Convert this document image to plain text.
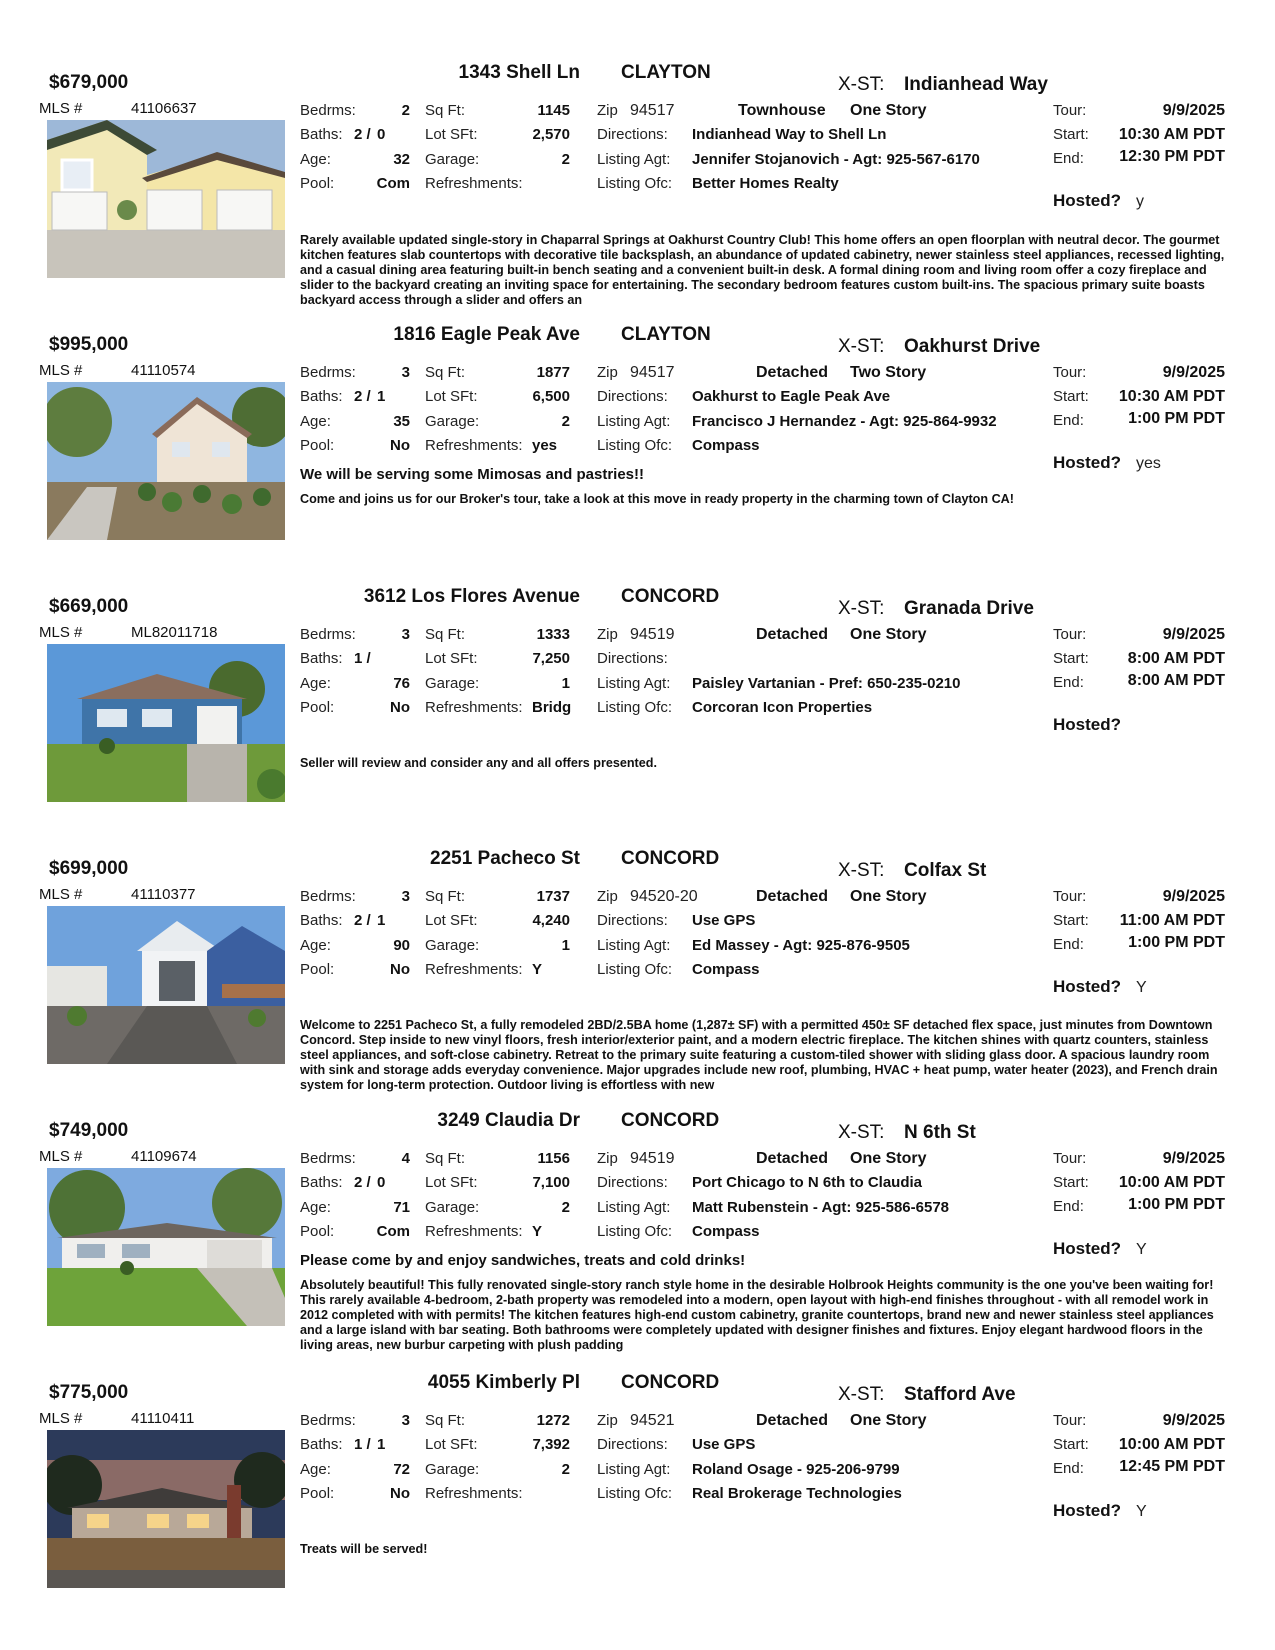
$679,000	1343 Shell Ln CLAYTON
X-ST: Indianhead Way
MLS #	41106637	Bedrms:	2
Baths: 2 / 0
Age:	32
Pool:	Com
Sq Ft:	1145
Lot SFt:	2,570
Garage:	2
Refreshments:
Zip 94517	Townhouse One Story
Directions: Indianhead Way to Shell Ln
Listing Agt: Jennifer Stojanovich - Agt: 925-567-6170
Listing Ofc: Better Homes Realty
Tour:	9/9/2025
Start:	10:30 AM PDT
End:	12:30 PM PDT
Hosted? y
Rarely available updated single-story in Chaparral Springs at Oakhurst Country Club! This home offers an open floorplan with neutral decor. The gourmet kitchen features slab countertops with decorative tile backsplash, an abundance of updated cabinetry, newer stainless steel appliances, recessed lighting, and a casual dining area featuring built-in bench seating and a convenient built-in desk. A formal dining room and living room offer a cozy fireplace and slider to the backyard creating an inviting space for entertaining. The secondary bedroom features custom built-ins. The spacious primary suite boasts backyard access through a slider and offers an
$995,000	1816 Eagle Peak Ave CLAYTON
X-ST: Oakhurst Drive
MLS #	41110574	Bedrms:	3
Baths: 2 / 1
Age:	35
Pool:	No
Sq Ft:	1877
Lot SFt:	6,500
Garage:	2
Refreshments: yes
Zip 94517	Detached Two Story
Directions: Oakhurst to Eagle Peak Ave
Listing Agt: Francisco J Hernandez - Agt: 925-864-9932
Listing Ofc: Compass
Tour:	9/9/2025
Start:	10:30 AM PDT
End:	1:00 PM PDT
Hosted? yes
We will be serving some Mimosas and pastries!!
Come and joins us for our Broker's tour, take a look at this move in ready property in the charming town of Clayton CA!
$669,000	3612 Los Flores Avenue CONCORD
X-ST: Granada Drive
MLS #	ML82011718	Bedrms:	3
Baths: 1 /
Age:	76
Pool:	No
Sq Ft:	1333
Lot SFt:	7,250
Garage:	1
Refreshments: Bridg
Zip 94519	Detached One Story
Directions:
Listing Agt: Paisley Vartanian - Pref: 650-235-0210
Listing Ofc: Corcoran Icon Properties
Tour:	9/9/2025
Start:	8:00 AM PDT
End:	8:00 AM PDT
Hosted?
Seller will review and consider any and all offers presented.
$699,000	2251 Pacheco St CONCORD
X-ST: Colfax St
MLS #	41110377	Bedrms:	3
Baths: 2 / 1
Age:	90
Pool:	No
Sq Ft:	1737
Lot SFt:	4,240
Garage:	1
Refreshments: Y
Zip 94520-20	Detached One Story
Directions: Use GPS
Listing Agt: Ed Massey - Agt: 925-876-9505
Listing Ofc: Compass
Tour:	9/9/2025
Start:	11:00 AM PDT
End:	1:00 PM PDT
Hosted? Y
Welcome to 2251 Pacheco St, a fully remodeled 2BD/2.5BA home (1,287± SF) with a permitted 450± SF detached flex space, just minutes from Downtown Concord. Step inside to new vinyl floors, fresh interior/exterior paint, and a modern electric fireplace. The kitchen shines with quartz counters, stainless steel appliances, and soft-close cabinetry. Retreat to the primary suite featuring a custom-tiled shower with sliding glass door. A spacious laundry room with sink and storage adds everyday convenience. Major upgrades include new roof, plumbing, HVAC + heat pump, water heater (2023), and French drain system for long-term protection. Outdoor living is effortless with new
$749,000	3249 Claudia Dr CONCORD
X-ST: N 6th St
MLS #	41109674	Bedrms:	4
Baths: 2 / 0
Age:	71
Pool:	Com
Sq Ft:	1156
Lot SFt:	7,100
Garage:	2
Refreshments: Y
Zip 94519	Detached One Story
Directions: Port Chicago to N 6th to Claudia
Listing Agt: Matt Rubenstein - Agt: 925-586-6578
Listing Ofc: Compass
Tour:	9/9/2025
Start:	10:00 AM PDT
End:	1:00 PM PDT
Hosted? Y
Please come by and enjoy sandwiches, treats and cold drinks!
Absolutely beautiful! This fully renovated single-story ranch style home in the desirable Holbrook Heights community is the one you've been waiting for! This rarely available 4-bedroom, 2-bath property was remodeled into a modern, open layout with high-end finishes throughout - with all remodel work in 2012 completed with with permits! The kitchen features high-end custom cabinetry, granite countertops, brand new and newer stainless steel appliances and a large island with bar seating. Both bathrooms were completely updated with designer finishes and fixtures. Enjoy elegant hardwood floors in the living areas, new burbur carpeting with plush padding
$775,000	4055 Kimberly Pl CONCORD
X-ST: Stafford Ave
MLS #	41110411	Bedrms:	3
Baths: 1 / 1
Age:	72
Pool:	No
Sq Ft:	1272
Lot SFt:	7,392
Garage:	2
Refreshments:
Zip 94521	Detached One Story
Directions: Use GPS
Listing Agt: Roland Osage - 925-206-9799
Listing Ofc: Real Brokerage Technologies
Tour:	9/9/2025
Start:	10:00 AM PDT
End:	12:45 PM PDT
Hosted? Y
Treats will be served!
